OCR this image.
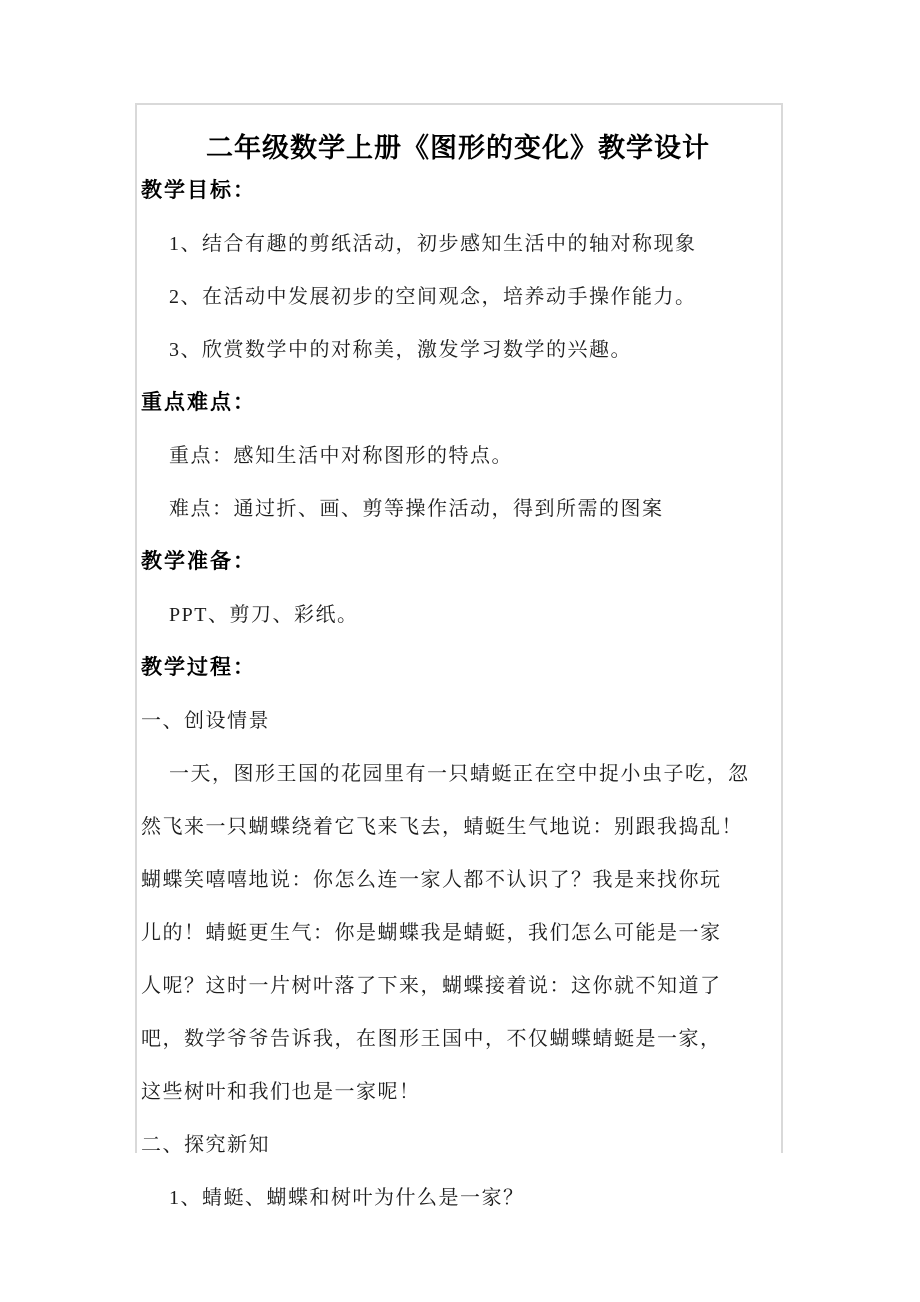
二年级数学上册《图形的变化》教学设计

教学目标：

1、结合有趣的剪纸活动，初步感知生活中的轴对称现象

2、在活动中发展初步的空间观念，培养动手操作能力。

3、欣赏数学中的对称美，激发学习数学的兴趣。

重点难点：

重点：感知生活中对称图形的特点。

难点：通过折、画、剪等操作活动，得到所需的图案

教学准备：

PPT、剪刀、彩纸。

教学过程：

一、创设情景

一天，图形王国的花园里有一只蜻蜓正在空中捉小虫子吃，忽

然飞来一只蝴蝶绕着它飞来飞去，蜻蜓生气地说：别跟我捣乱！

蝴蝶笑嘻嘻地说：你怎么连一家人都不认识了？我是来找你玩

儿的！蜻蜓更生气：你是蝴蝶我是蜻蜓，我们怎么可能是一家

人呢？这时一片树叶落了下来，蝴蝶接着说：这你就不知道了

吧，数学爷爷告诉我，在图形王国中，不仅蝴蝶蜻蜓是一家，

这些树叶和我们也是一家呢！

二、探究新知

1、蜻蜓、蝴蝶和树叶为什么是一家？
